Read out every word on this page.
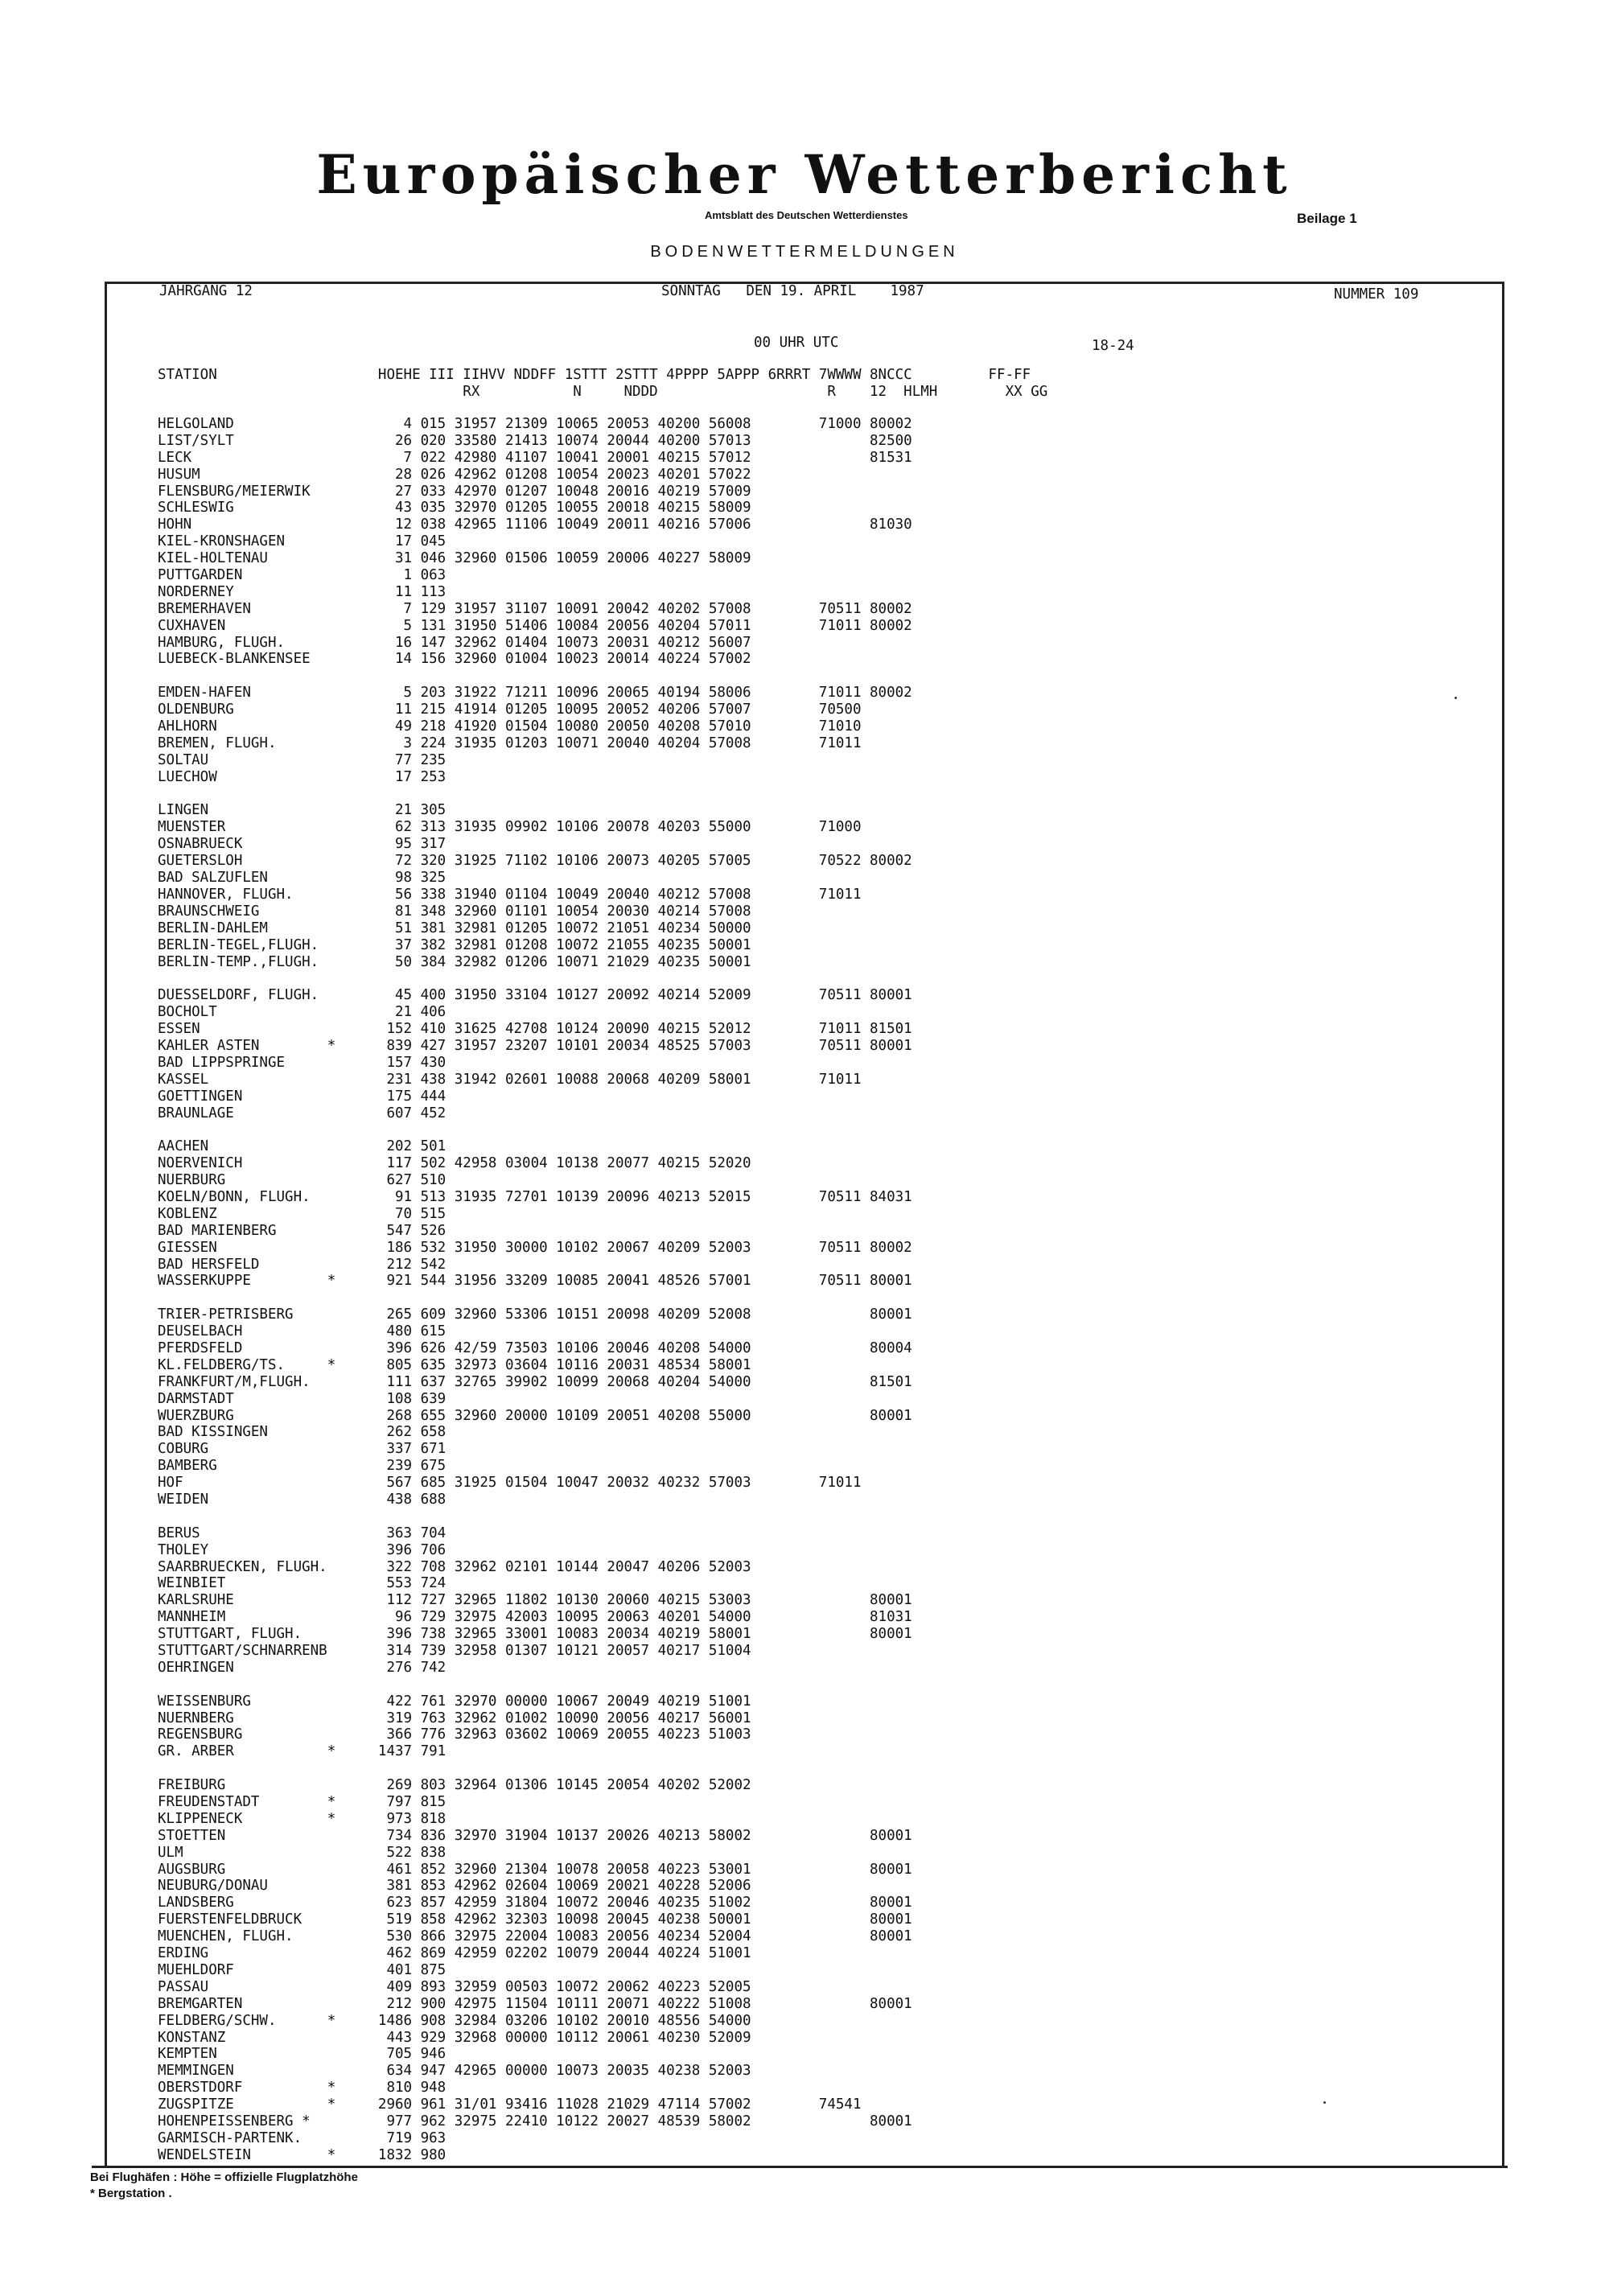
Europäischer Wetterbericht
Amtsblatt des Deutschen Wetterdienstes	Beilage 1
BODENWETTERMELDUNGEN
JAHRGANG 12	SONNTAG   DEN 19. APRIL    1987	NUMMER 109
00 UHR UTC	18-24
STATION                   HOEHE III IIHVV NDDFF 1STTT 2STTT 4PPPP 5APPP 6RRRT 7WWWW 8NCCC         FF-FF
RX           N     NDDD                    R    12  HLMH        XX GG
HELGOLAND                    4 015 31957 21309 10065 20053 40200 56008        71000 80002
LIST/SYLT                   26 020 33580 21413 10074 20044 40200 57013              82500
LECK                         7 022 42980 41107 10041 20001 40215 57012              81531
HUSUM                       28 026 42962 01208 10054 20023 40201 57022
FLENSBURG/MEIERWIK          27 033 42970 01207 10048 20016 40219 57009
SCHLESWIG                   43 035 32970 01205 10055 20018 40215 58009
HOHN                        12 038 42965 11106 10049 20011 40216 57006              81030
KIEL-KRONSHAGEN             17 045
KIEL-HOLTENAU               31 046 32960 01506 10059 20006 40227 58009
PUTTGARDEN                   1 063
NORDERNEY                   11 113
BREMERHAVEN                  7 129 31957 31107 10091 20042 40202 57008        70511 80002
CUXHAVEN                     5 131 31950 51406 10084 20056 40204 57011        71011 80002
HAMBURG, FLUGH.             16 147 32962 01404 10073 20031 40212 56007
LUEBECK-BLANKENSEE          14 156 32960 01004 10023 20014 40224 57002
EMDEN-HAFEN                  5 203 31922 71211 10096 20065 40194 58006        71011 80002
OLDENBURG                   11 215 41914 01205 10095 20052 40206 57007        70500
AHLHORN                     49 218 41920 01504 10080 20050 40208 57010        71010
BREMEN, FLUGH.               3 224 31935 01203 10071 20040 40204 57008        71011
SOLTAU                      77 235
LUECHOW                     17 253
LINGEN                      21 305
MUENSTER                    62 313 31935 09902 10106 20078 40203 55000        71000
OSNABRUECK                  95 317
GUETERSLOH                  72 320 31925 71102 10106 20073 40205 57005        70522 80002
BAD SALZUFLEN               98 325
HANNOVER, FLUGH.            56 338 31940 01104 10049 20040 40212 57008        71011
BRAUNSCHWEIG                81 348 32960 01101 10054 20030 40214 57008
BERLIN-DAHLEM               51 381 32981 01205 10072 21051 40234 50000
BERLIN-TEGEL,FLUGH.         37 382 32981 01208 10072 21055 40235 50001
BERLIN-TEMP.,FLUGH.         50 384 32982 01206 10071 21029 40235 50001
DUESSELDORF, FLUGH.         45 400 31950 33104 10127 20092 40214 52009        70511 80001
BOCHOLT                     21 406
ESSEN                      152 410 31625 42708 10124 20090 40215 52012        71011 81501
KAHLER ASTEN        *      839 427 31957 23207 10101 20034 48525 57003        70511 80001
BAD LIPPSPRINGE            157 430
KASSEL                     231 438 31942 02601 10088 20068 40209 58001        71011
GOETTINGEN                 175 444
BRAUNLAGE                  607 452
AACHEN                     202 501
NOERVENICH                 117 502 42958 03004 10138 20077 40215 52020
NUERBURG                   627 510
KOELN/BONN, FLUGH.          91 513 31935 72701 10139 20096 40213 52015        70511 84031
KOBLENZ                     70 515
BAD MARIENBERG             547 526
GIESSEN                    186 532 31950 30000 10102 20067 40209 52003        70511 80002
BAD HERSFELD               212 542
WASSERKUPPE         *      921 544 31956 33209 10085 20041 48526 57001        70511 80001
TRIER-PETRISBERG           265 609 32960 53306 10151 20098 40209 52008              80001
DEUSELBACH                 480 615
PFERDSFELD                 396 626 42/59 73503 10106 20046 40208 54000              80004
KL.FELDBERG/TS.     *      805 635 32973 03604 10116 20031 48534 58001
FRANKFURT/M,FLUGH.         111 637 32765 39902 10099 20068 40204 54000              81501
DARMSTADT                  108 639
WUERZBURG                  268 655 32960 20000 10109 20051 40208 55000              80001
BAD KISSINGEN              262 658
COBURG                     337 671
BAMBERG                    239 675
HOF                        567 685 31925 01504 10047 20032 40232 57003        71011
WEIDEN                     438 688
BERUS                      363 704
THOLEY                     396 706
SAARBRUECKEN, FLUGH.       322 708 32962 02101 10144 20047 40206 52003
WEINBIET                   553 724
KARLSRUHE                  112 727 32965 11802 10130 20060 40215 53003              80001
MANNHEIM                    96 729 32975 42003 10095 20063 40201 54000              81031
STUTTGART, FLUGH.          396 738 32965 33001 10083 20034 40219 58001              80001
STUTTGART/SCHNARRENB       314 739 32958 01307 10121 20057 40217 51004
OEHRINGEN                  276 742
WEISSENBURG                422 761 32970 00000 10067 20049 40219 51001
NUERNBERG                  319 763 32962 01002 10090 20056 40217 56001
REGENSBURG                 366 776 32963 03602 10069 20055 40223 51003
GR. ARBER           *     1437 791
FREIBURG                   269 803 32964 01306 10145 20054 40202 52002
FREUDENSTADT        *      797 815
KLIPPENECK          *      973 818
STOETTEN                   734 836 32970 31904 10137 20026 40213 58002              80001
ULM                        522 838
AUGSBURG                   461 852 32960 21304 10078 20058 40223 53001              80001
NEUBURG/DONAU              381 853 42962 02604 10069 20021 40228 52006
LANDSBERG                  623 857 42959 31804 10072 20046 40235 51002              80001
FUERSTENFELDBRUCK          519 858 42962 32303 10098 20045 40238 50001              80001
MUENCHEN, FLUGH.           530 866 32975 22004 10083 20056 40234 52004              80001
ERDING                     462 869 42959 02202 10079 20044 40224 51001
MUEHLDORF                  401 875
PASSAU                     409 893 32959 00503 10072 20062 40223 52005
BREMGARTEN                 212 900 42975 11504 10111 20071 40222 51008              80001
FELDBERG/SCHW.      *     1486 908 32984 03206 10102 20010 48556 54000
KONSTANZ                   443 929 32968 00000 10112 20061 40230 52009
KEMPTEN                    705 946
MEMMINGEN                  634 947 42965 00000 10073 20035 40238 52003
OBERSTDORF          *      810 948
ZUGSPITZE           *     2960 961 31/01 93416 11028 21029 47114 57002        74541
HOHENPEISSENBERG *         977 962 32975 22410 10122 20027 48539 58002              80001
GARMISCH-PARTENK.          719 963
WENDELSTEIN         *     1832 980
Bei Flughäfen : Höhe = offizielle Flugplatzhöhe
* Bergstation .
